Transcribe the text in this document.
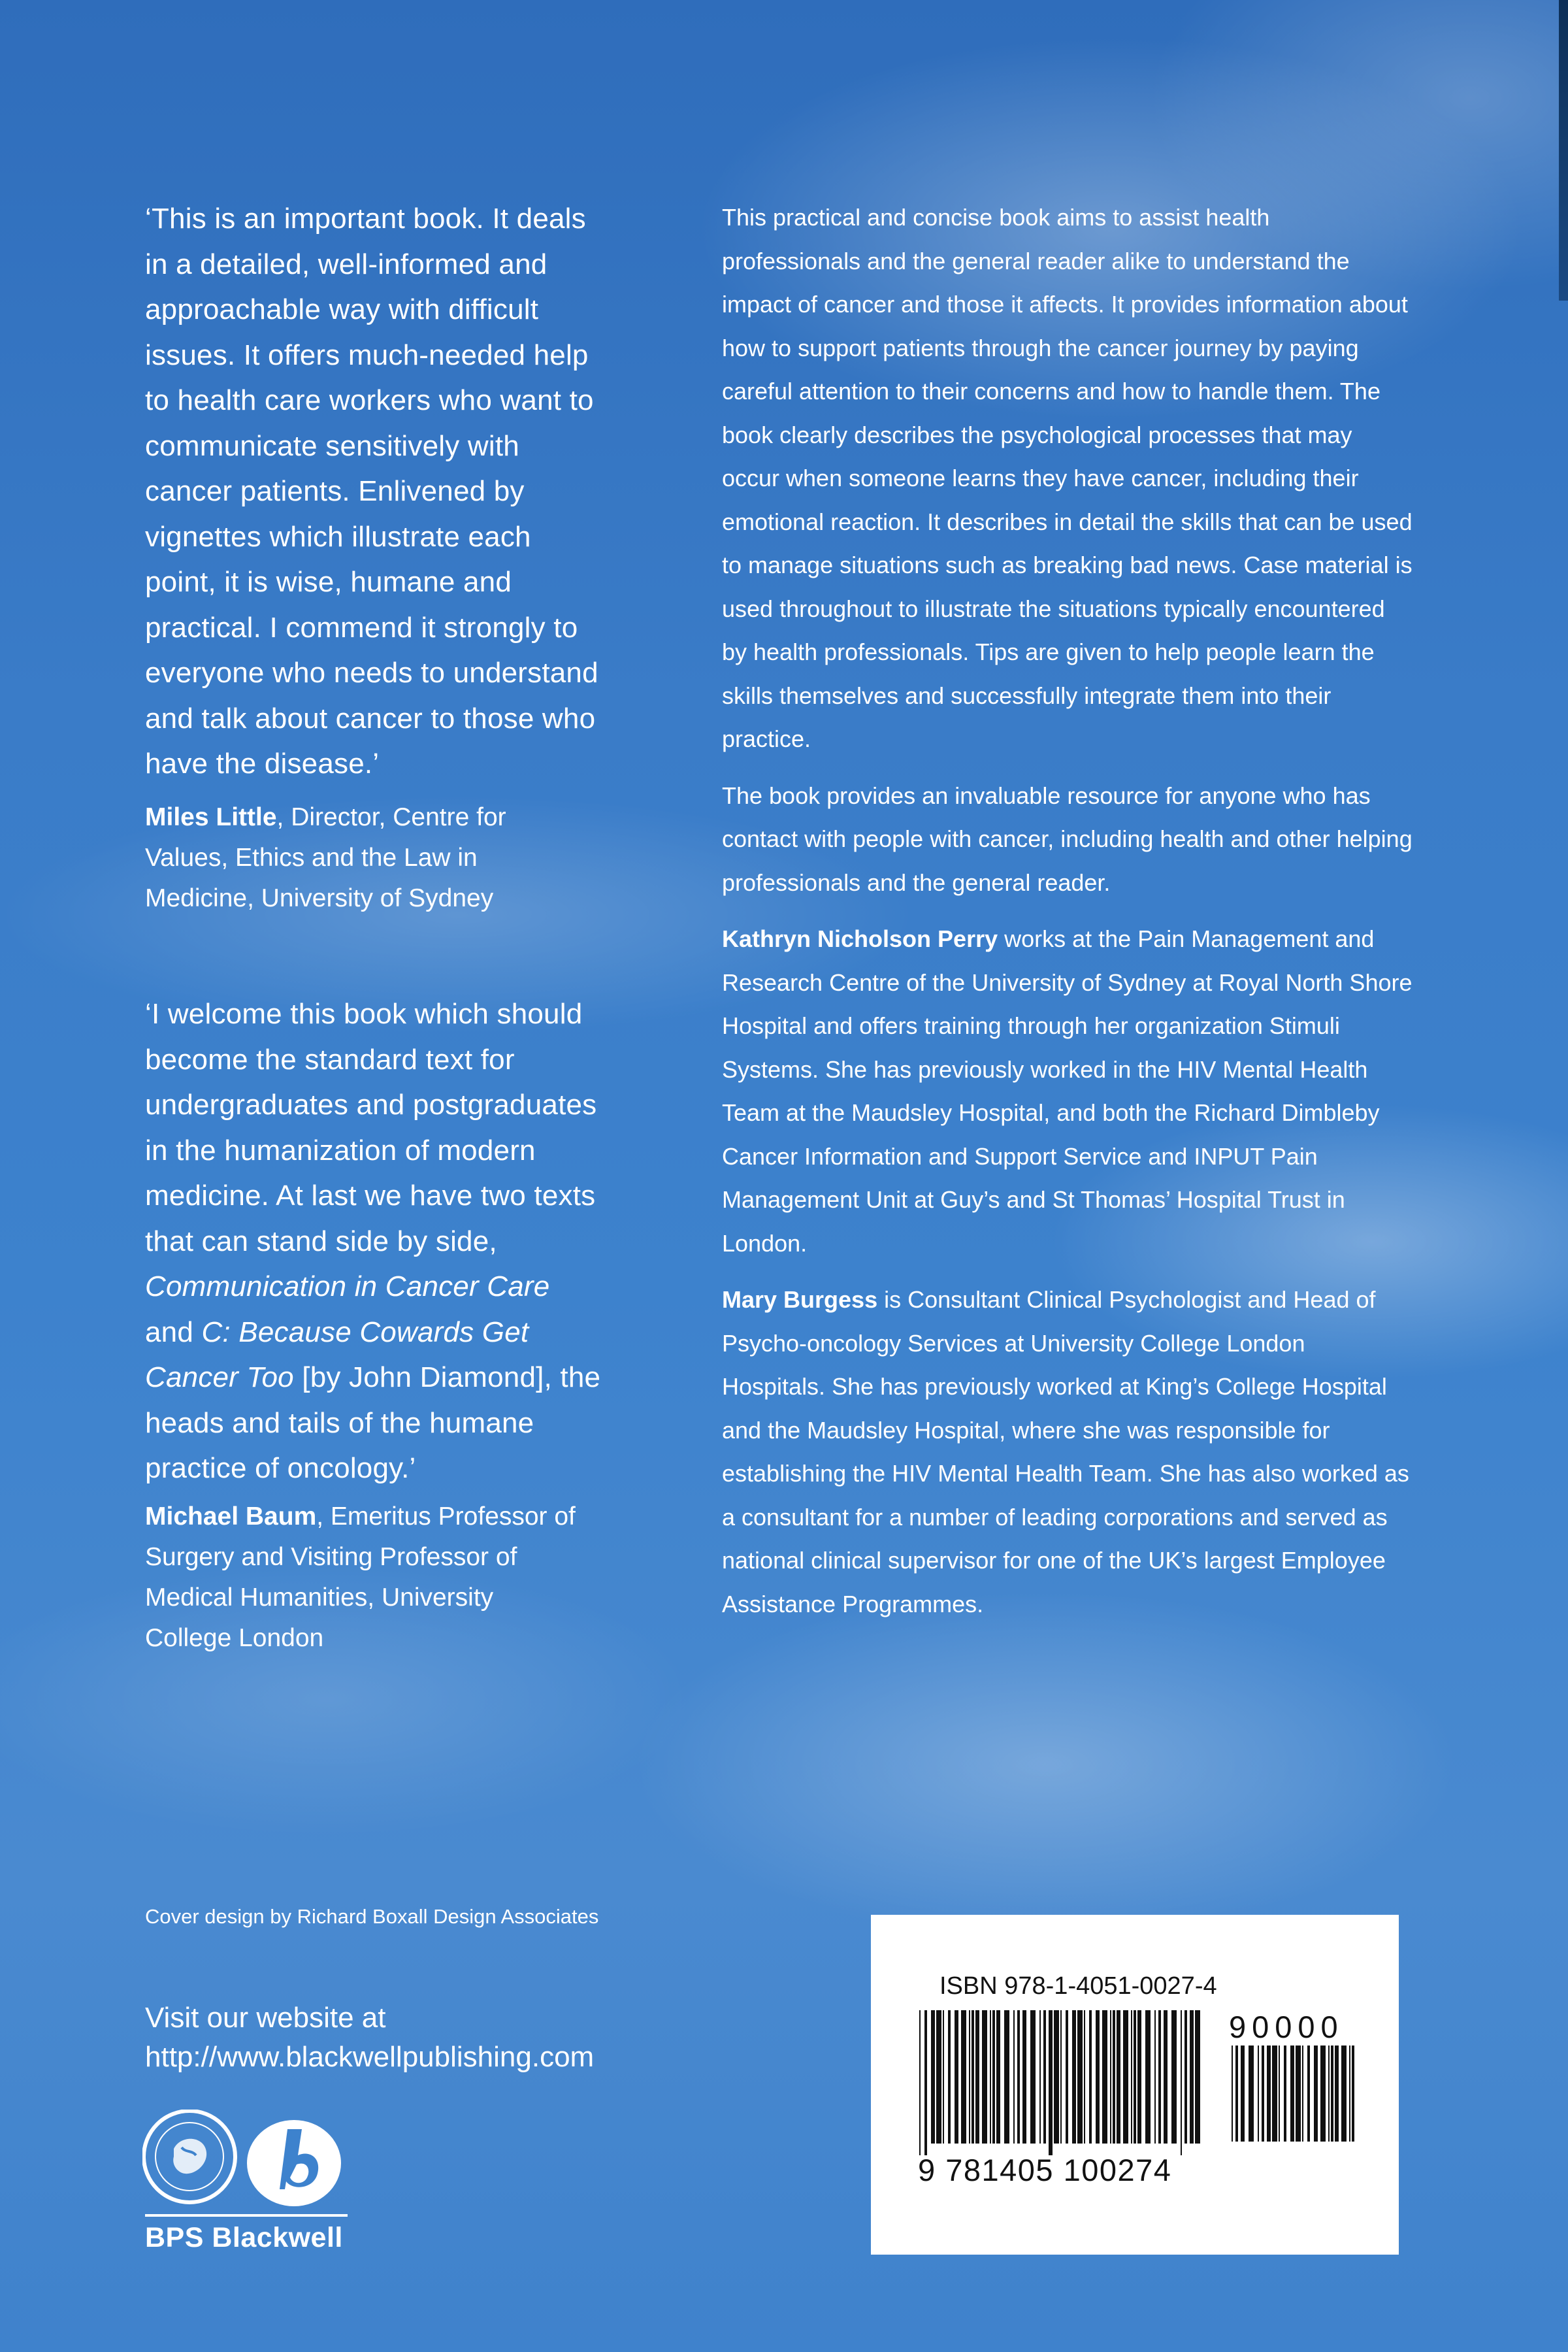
‘This is an important book. It deals in a detailed, well-informed and approachable way with difficult issues. It offers much-needed help to health care workers who want to communicate sensitively with cancer patients. Enlivened by vignettes which illustrate each point, it is wise, humane and practical. I commend it strongly to everyone who needs to understand and talk about cancer to those who have the disease.’

Miles Little, Director, Centre for Values, Ethics and the Law in Medicine, University of Sydney

‘I welcome this book which should become the standard text for undergraduates and postgraduates in the humanization of modern medicine. At last we have two texts that can stand side by side, Communication in Cancer Care and C: Because Cowards Get Cancer Too [by John Diamond], the heads and tails of the humane practice of oncology.’

Michael Baum, Emeritus Professor of Surgery and Visiting Professor of Medical Humanities, University College London

This practical and concise book aims to assist health professionals and the general reader alike to understand the impact of cancer and those it affects. It provides information about how to support patients through the cancer journey by paying careful attention to their concerns and how to handle them. The book clearly describes the psychological processes that may occur when someone learns they have cancer, including their emotional reaction. It describes in detail the skills that can be used to manage situations such as breaking bad news. Case material is used throughout to illustrate the situations typically encountered by health professionals. Tips are given to help people learn the skills themselves and successfully integrate them into their practice.

The book provides an invaluable resource for anyone who has contact with people with cancer, including health and other helping professionals and the general reader.

Kathryn Nicholson Perry works at the Pain Management and Research Centre of the University of Sydney at Royal North Shore Hospital and offers training through her organization Stimuli Systems. She has previously worked in the HIV Mental Health Team at the Maudsley Hospital, and both the Richard Dimbleby Cancer Information and Support Service and INPUT Pain Management Unit at Guy’s and St Thomas’ Hospital Trust in London.

Mary Burgess is Consultant Clinical Psychologist and Head of Psycho-oncology Services at University College London Hospitals. She has previously worked at King’s College Hospital and the Maudsley Hospital, where she was responsible for establishing the HIV Mental Health Team. She has also worked as a consultant for a number of leading corporations and served as national clinical supervisor for one of the UK’s largest Employee Assistance Programmes.

Cover design by Richard Boxall Design Associates
Visit our website at
http://www.blackwellpublishing.com
BPS Blackwell
ISBN 978-1-4051-0027-4
90000
9 781405 100274
